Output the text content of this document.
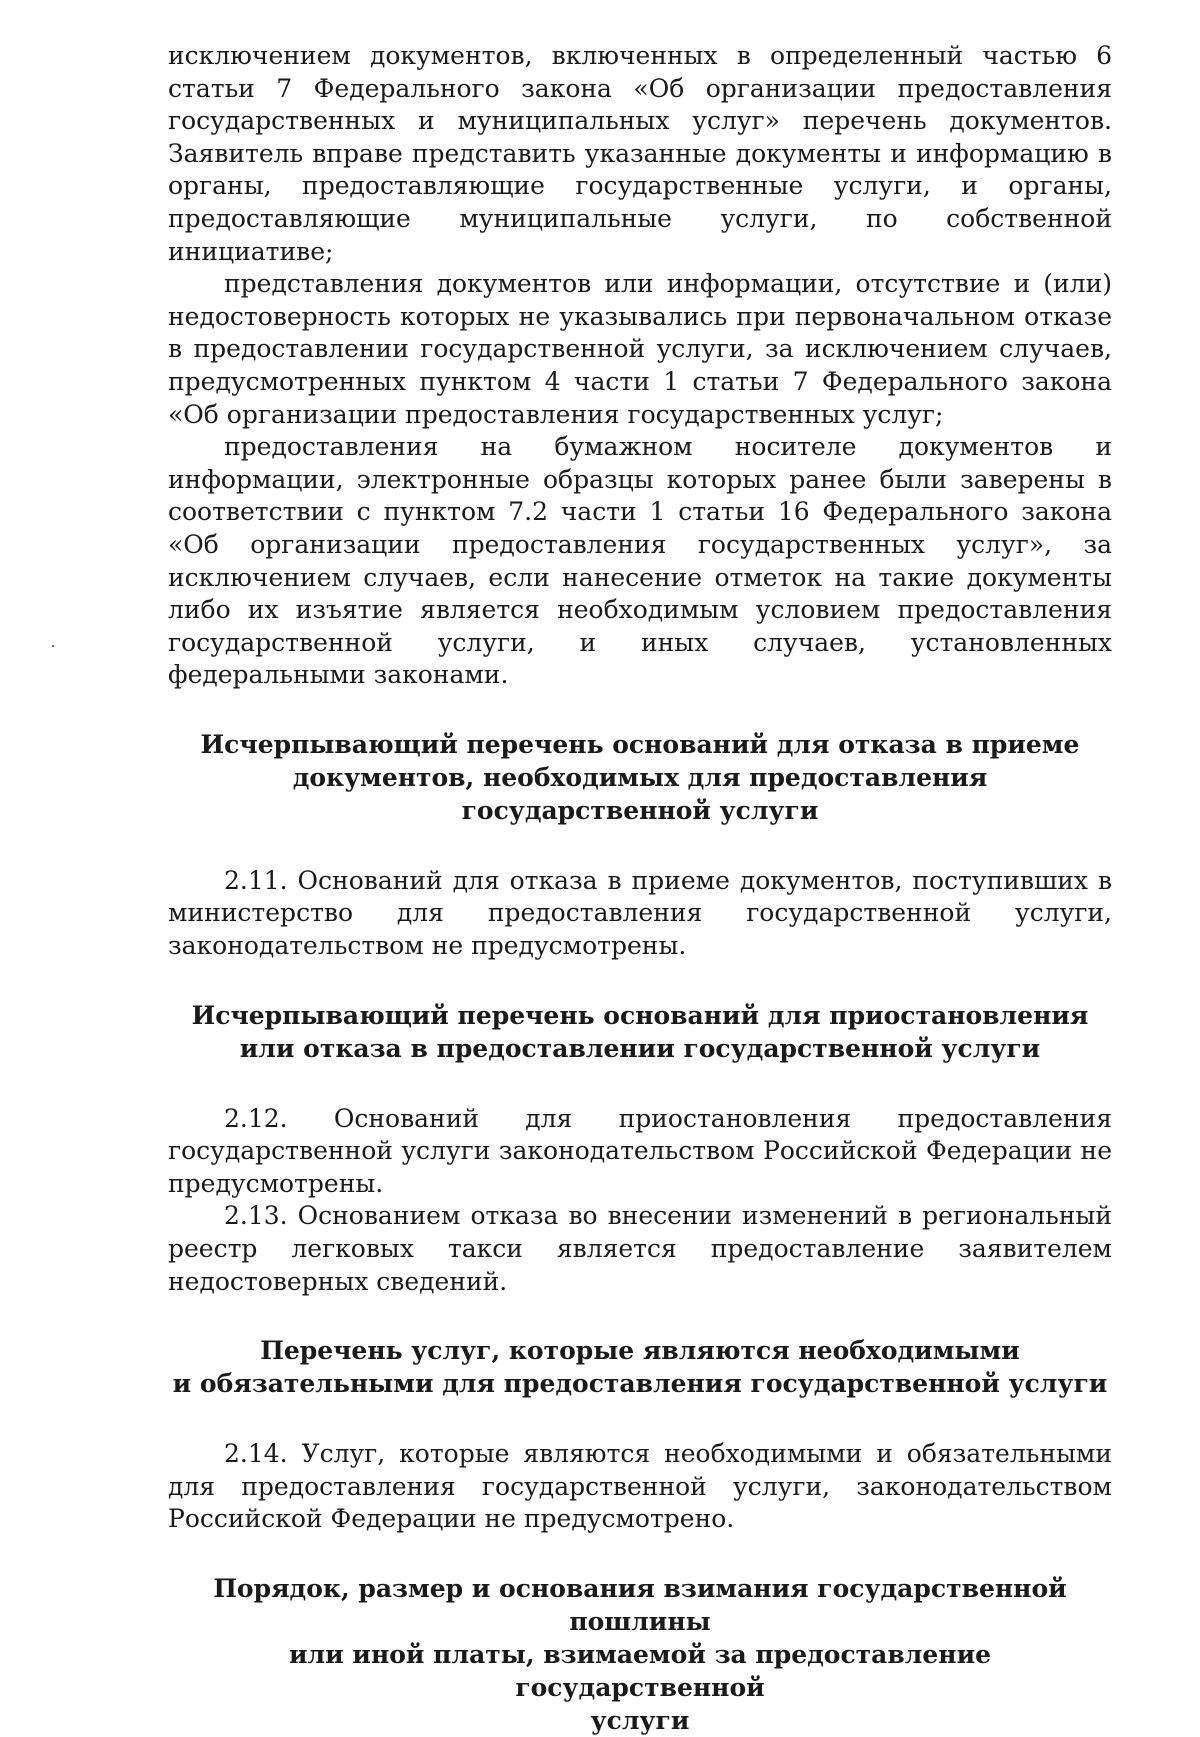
исключением документов, включенных в определенный частью 6 статьи 7 Федерального закона «Об организации предоставления государственных и муниципальных услуг» перечень документов. Заявитель вправе представить указанные документы и информацию в органы, предоставляющие государственные услуги, и органы, предоставляющие муниципальные услуги, по собственной инициативе;

представления документов или информации, отсутствие и (или) недостоверность которых не указывались при первоначальном отказе в предоставлении государственной услуги, за исключением случаев, предусмотренных пунктом 4 части 1 статьи 7 Федерального закона «Об организации предоставления государственных услуг;

предоставления на бумажном носителе документов и информации, электронные образцы которых ранее были заверены в соответствии с пунктом 7.2 части 1 статьи 16 Федерального закона «Об организации предоставления государственных услуг», за исключением случаев, если нанесение отметок на такие документы либо их изъятие является необходимым условием предоставления государственной услуги, и иных случаев, установленных федеральными законами.

Исчерпывающий перечень оснований для отказа в приеме
документов, необходимых для предоставления
государственной услуги

2.11. Оснований для отказа в приеме документов, поступивших в министерство для предоставления государственной услуги, законодательством не предусмотрены.

Исчерпывающий перечень оснований для приостановления
или отказа в предоставлении государственной услуги

2.12. Оснований для приостановления предоставления государственной услуги законодательством Российской Федерации не предусмотрены.

2.13. Основанием отказа во внесении изменений в региональный реестр легковых такси является предоставление заявителем недостоверных сведений.

Перечень услуг, которые являются необходимыми
и обязательными для предоставления государственной услуги

2.14. Услуг, которые являются необходимыми и обязательными для предоставления государственной услуги, законодательством Российской Федерации не предусмотрено.

Порядок, размер и основания взимания государственной пошлины
или иной платы, взимаемой за предоставление государственной
услуги
